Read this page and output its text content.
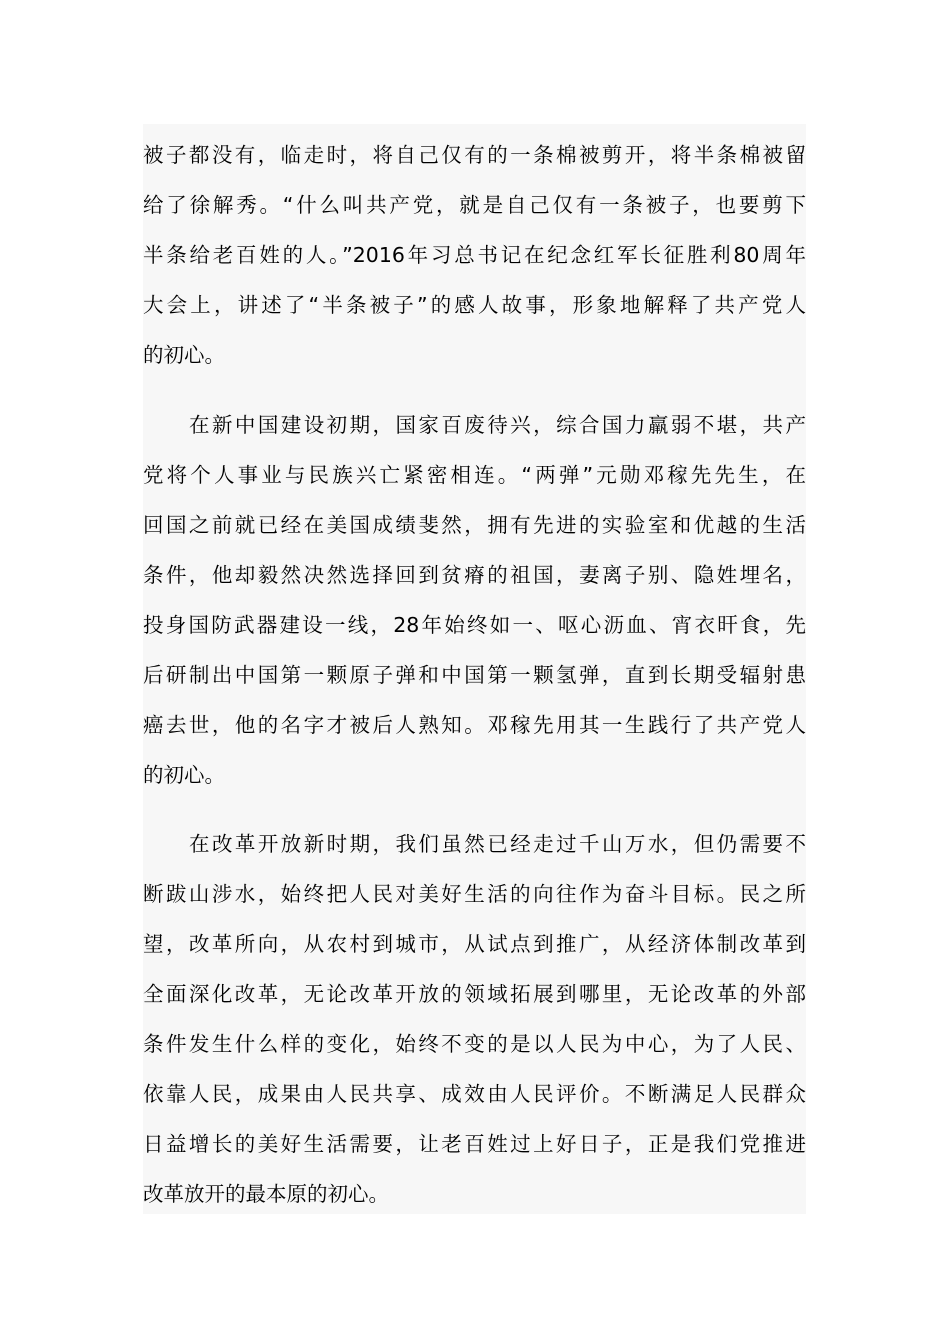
被子都没有，临走时，将自己仅有的一条棉被剪开，将半条棉被留
给了徐解秀。“什么叫共产党，就是自己仅有一条被子，也要剪下
半条给老百姓的人。”2016年习总书记在纪念红军长征胜利80周年
大会上，讲述了“半条被子”的感人故事，形象地解释了共产党人
的初心。
在新中国建设初期，国家百废待兴，综合国力羸弱不堪，共产
党将个人事业与民族兴亡紧密相连。“两弹”元勋邓稼先先生，在
回国之前就已经在美国成绩斐然，拥有先进的实验室和优越的生活
条件，他却毅然决然选择回到贫瘠的祖国，妻离子别、隐姓埋名，
投身国防武器建设一线，28年始终如一、呕心沥血、宵衣旰食，先
后研制出中国第一颗原子弹和中国第一颗氢弹，直到长期受辐射患
癌去世，他的名字才被后人熟知。邓稼先用其一生践行了共产党人
的初心。
在改革开放新时期，我们虽然已经走过千山万水，但仍需要不
断跋山涉水，始终把人民对美好生活的向往作为奋斗目标。民之所
望，改革所向，从农村到城市，从试点到推广，从经济体制改革到
全面深化改革，无论改革开放的领域拓展到哪里，无论改革的外部
条件发生什么样的变化，始终不变的是以人民为中心，为了人民、
依靠人民，成果由人民共享、成效由人民评价。不断满足人民群众
日益增长的美好生活需要，让老百姓过上好日子，正是我们党推进
改革放开的最本原的初心。
